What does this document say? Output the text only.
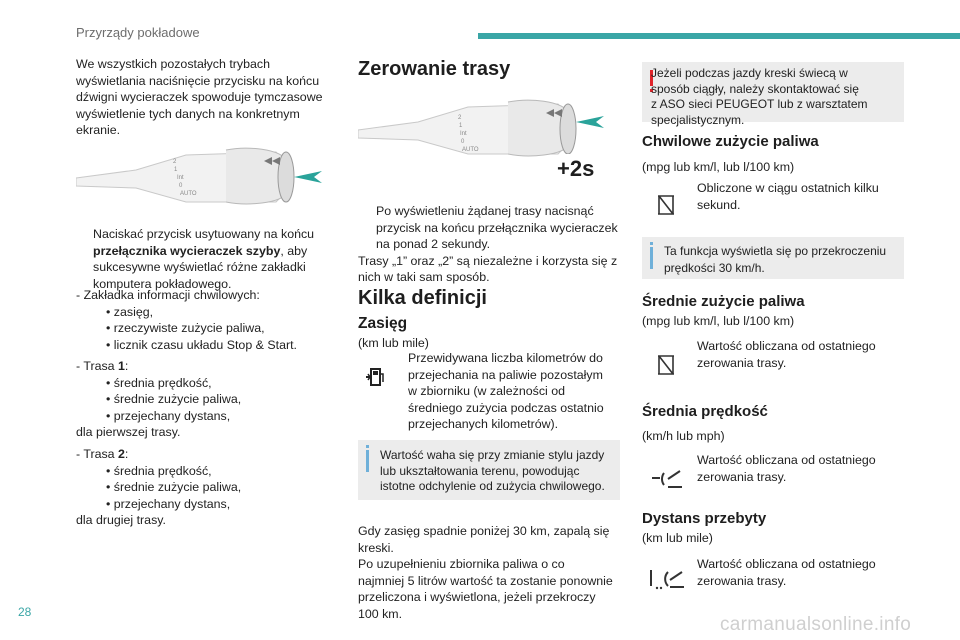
Przyrządy pokładowe

We wszystkich pozostałych trybach

wyświetlania naciśnięcie przycisku na końcu

dźwigni wycieraczek spowoduje tymczasowe

wyświetlenie tych danych na konkretnym

ekranie.

2
1
Int
0
AUTO

Naciskać przycisk usytuowany na końcu

przełącznika wycieraczek szyby, aby

sukcesywne wyświetlać różne zakładki

komputera pokładowego.

- Zakładka informacji chwilowych:

• zasięg,

• rzeczywiste zużycie paliwa,

• licznik czasu układu Stop & Start.

- Trasa 1:

• średnia prędkość,

• średnie zużycie paliwa,

• przejechany dystans,

dla pierwszej trasy.

- Trasa 2:

• średnia prędkość,

• średnie zużycie paliwa,

• przejechany dystans,

dla drugiej trasy.

Zerowanie trasy
2
1
Int
0
AUTO
+2s

Po wyświetleniu żądanej trasy nacisnąć

przycisk na końcu przełącznika wycieraczek

na ponad 2 sekundy.

Trasy „1” oraz „2” są niezależne i korzysta się z

nich w taki sam sposób.

Kilka definicji
Zasięg
(km lub mile)

Przewidywana liczba kilometrów do

przejechania na paliwie pozostałym

w zbiorniku (w zależności od

średniego zużycia podczas ostatnio

przejechanych kilometrów).

Wartość waha się przy zmianie stylu jazdy
lub ukształtowania terenu, powodując
istotne odchylenie od zużycia chwilowego.

Gdy zasięg spadnie poniżej 30 km, zapalą się

kreski.

Po uzupełnieniu zbiornika paliwa o co

najmniej 5 litrów wartość ta zostanie ponownie

przeliczona i wyświetlona, jeżeli przekroczy

100 km.

Jeżeli podczas jazdy kreski świecą w
sposób ciągły, należy skontaktować się
z ASO sieci PEUGEOT lub z warsztatem
specjalistycznym.
Chwilowe zużycie paliwa
(mpg lub km/l, lub l/100 km)

Obliczone w ciągu ostatnich kilku

sekund.

Ta funkcja wyświetla się po przekroczeniu
prędkości 30 km/h.
Średnie zużycie paliwa
(mpg lub km/l, lub l/100 km)

Wartość obliczana od ostatniego

zerowania trasy.

Średnia prędkość
(km/h lub mph)

Wartość obliczana od ostatniego

zerowania trasy.

Dystans przebyty
(km lub mile)

Wartość obliczana od ostatniego

zerowania trasy.

28
carmanualsonline.info
